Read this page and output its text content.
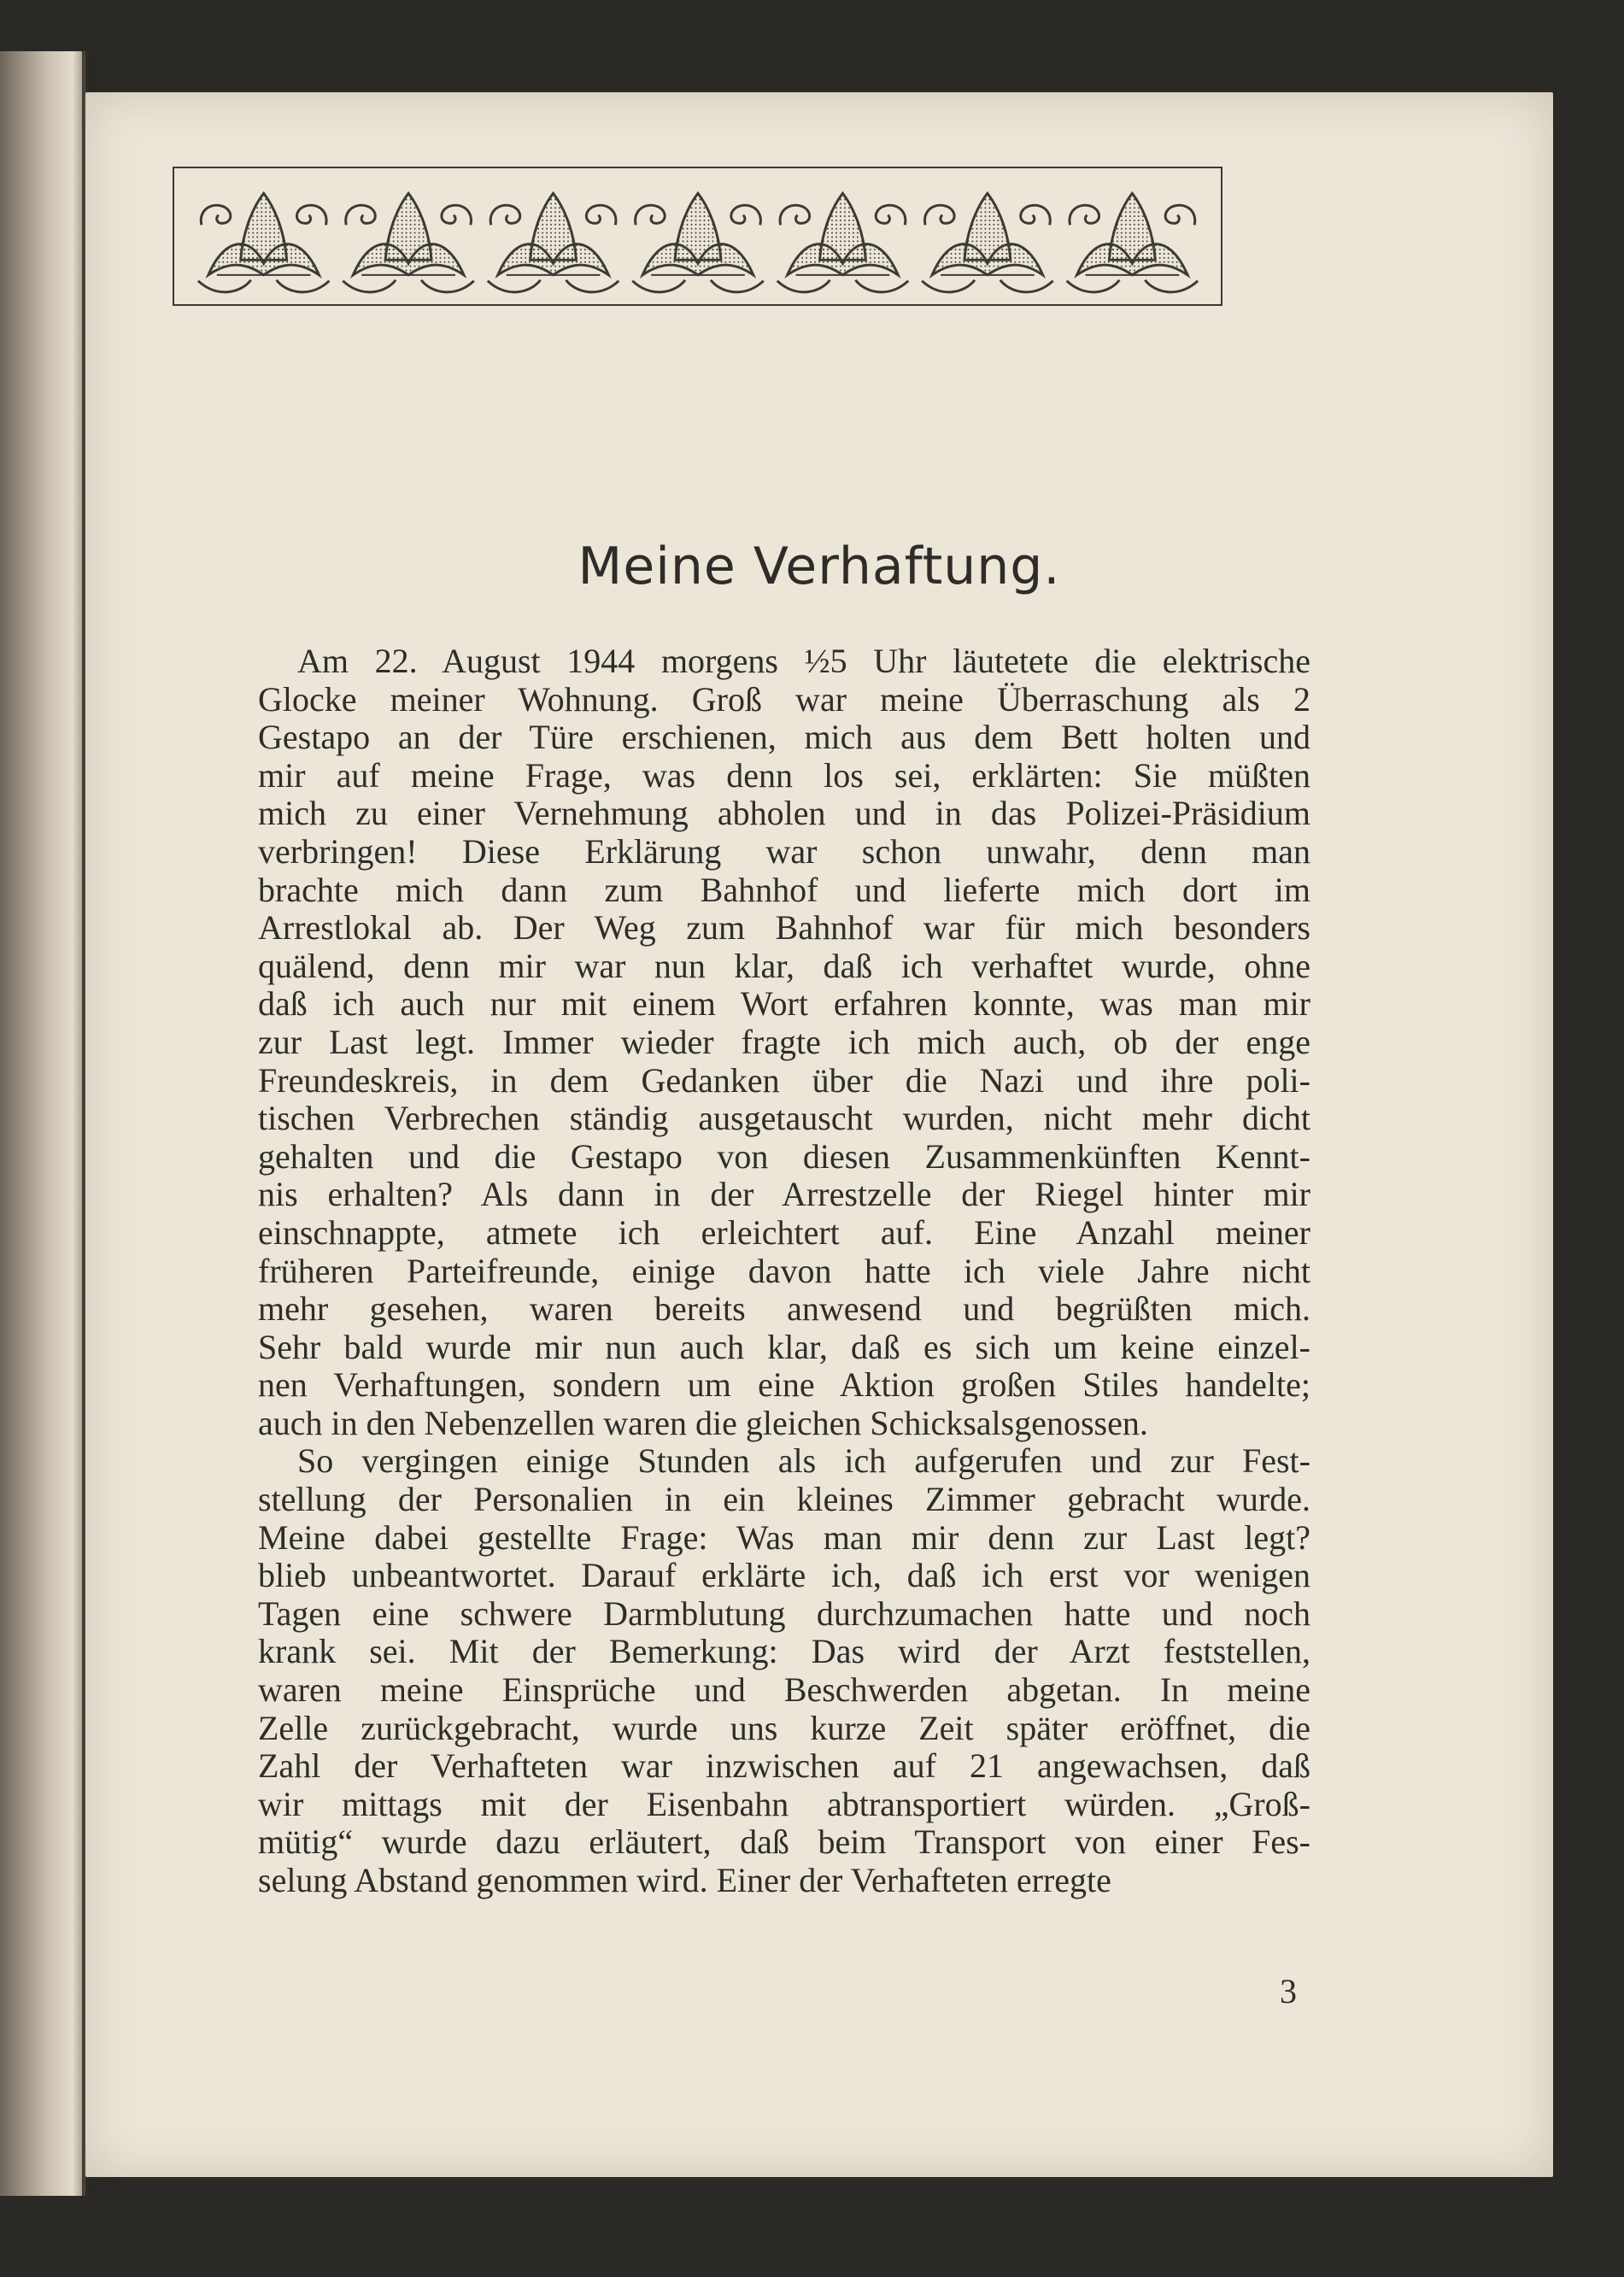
Meine Verhaftung.
Am 22. August 1944 morgens ½5 Uhr läutetete die elektrische
Glocke meiner Wohnung. Groß war meine Überraschung als 2
Gestapo an der Türe erschienen, mich aus dem Bett holten und
mir auf meine Frage, was denn los sei, erklärten: Sie müßten
mich zu einer Vernehmung abholen und in das Polizei-Präsidium
verbringen! Diese Erklärung war schon unwahr, denn man
brachte mich dann zum Bahnhof und lieferte mich dort im
Arrestlokal ab. Der Weg zum Bahnhof war für mich besonders
quälend, denn mir war nun klar, daß ich verhaftet wurde, ohne
daß ich auch nur mit einem Wort erfahren konnte, was man mir
zur Last legt. Immer wieder fragte ich mich auch, ob der enge
Freundeskreis, in dem Gedanken über die Nazi und ihre poli-
tischen Verbrechen ständig ausgetauscht wurden, nicht mehr dicht
gehalten und die Gestapo von diesen Zusammenkünften Kennt-
nis erhalten? Als dann in der Arrestzelle der Riegel hinter mir
einschnappte, atmete ich erleichtert auf. Eine Anzahl meiner
früheren Parteifreunde, einige davon hatte ich viele Jahre nicht
mehr gesehen, waren bereits anwesend und begrüßten mich.
Sehr bald wurde mir nun auch klar, daß es sich um keine einzel-
nen Verhaftungen, sondern um eine Aktion großen Stiles handelte;
auch in den Nebenzellen waren die gleichen Schicksalsgenossen.
So vergingen einige Stunden als ich aufgerufen und zur Fest-
stellung der Personalien in ein kleines Zimmer gebracht wurde.
Meine dabei gestellte Frage: Was man mir denn zur Last legt?
blieb unbeantwortet. Darauf erklärte ich, daß ich erst vor wenigen
Tagen eine schwere Darmblutung durchzumachen hatte und noch
krank sei. Mit der Bemerkung: Das wird der Arzt feststellen,
waren meine Einsprüche und Beschwerden abgetan. In meine
Zelle zurückgebracht, wurde uns kurze Zeit später eröffnet, die
Zahl der Verhafteten war inzwischen auf 21 angewachsen, daß
wir mittags mit der Eisenbahn abtransportiert würden. „Groß-
mütig“ wurde dazu erläutert, daß beim Transport von einer Fes-
selung Abstand genommen wird. Einer der Verhafteten erregte
3
